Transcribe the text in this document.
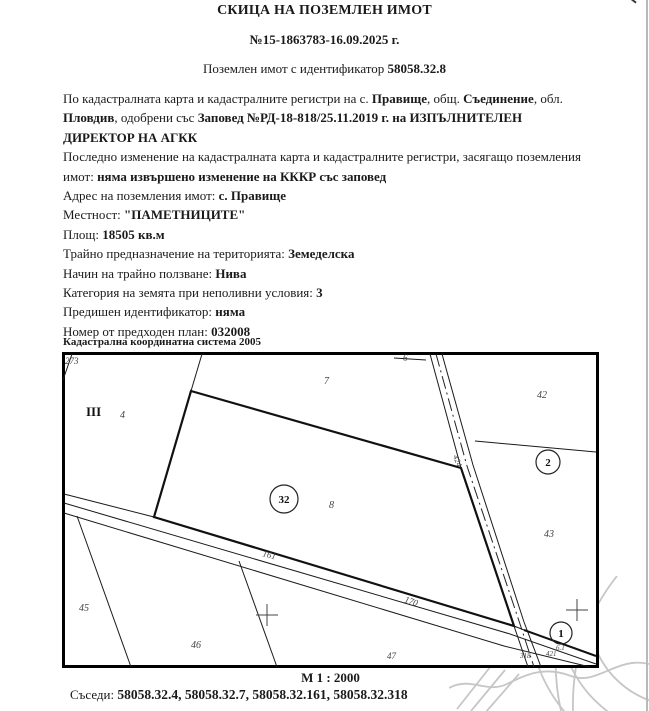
СКИЦА НА ПОЗЕМЛЕН ИМОТ
№15-1863783-16.09.2025 г.
Поземлен имот с идентификатор 58058.32.8
По кадастралната карта и кадастралните регистри на с. Правище, общ. Съединение, обл. Пловдив, одобрени със Заповед №РД-18-818/25.11.2019 г. на ИЗПЪЛНИТЕЛЕН ДИРЕКТОР НА АГКК
Последно изменение на кадастралната карта и кадастралните регистри, засягащо поземления имот: няма извършено изменение на КККР със заповед
Адрес на поземления имот: с. Правище
Местност: "ПАМЕТНИЦИТЕ"
Площ: 18505 кв.м
Трайно предназначение на територията: Земеделска
Начин на трайно ползване: Нива
Категория на земята при неполивни условия: 3
Предишен идентификатор: няма
Номер от предходен план: 032008
Кадастрална координатна система 2005
273
III 4
7
6
42
424
8
43
161
45
46
170
47	318 421
6.1
32
2
1
М 1 : 2000
Съседи: 58058.32.4, 58058.32.7, 58058.32.161, 58058.32.318
